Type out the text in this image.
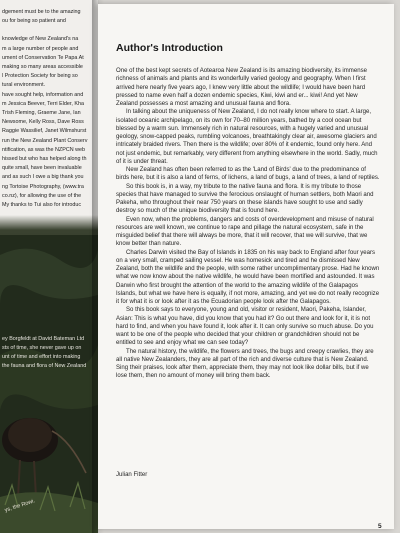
dgement must be to the amazing
ou for being so patient and
knowledge of New Zealand's na
m a large number of people and
ument of Conservation Te Papa At
making so many areas accessible
l Protection Society for being so
tural environment.
have sought help, information and
m Jessica Beever, Terri Elder, Kha
Trish Fleming, Graeme Jane, Ian
Newsome, Kelly Ross, Dave Ross
Raggie Wassilief, Janet Wilmshurst
run the New Zealand Plant Conserv
ntification, as was the NZPCN web
hissed but who has helped along th
quite small, have been invaluable
and as such I owe a big thank you
ng Tortoise Photography, (www.tra
co.nz), for allowing the use of the
My thanks to Tui also for introduc
ey Borgfeldt at David Bateman Ltd
sts of time, she never gave up on
unt of time and effort into making
the fauna and flora of New Zealand
ys, the Rowi.
Author's Introduction

One of the best kept secrets of Aotearoa New Zealand is its amazing biodiversity, its immense richness of animals and plants and its wonderfully varied geology and geography. When I first arrived here nearly five years ago, I knew very little about the wildlife; I would have been hard pressed to name even half a dozen endemic species, Kiwi, kiwi and er... kiwi! And yet New Zealand possesses a most amazing and unusual fauna and flora.

In talking about the uniqueness of New Zealand, I do not really know where to start. A large, isolated oceanic archipelago, on its own for 70–80 million years, bathed by a cool ocean but blessed by a warm sun. Immensely rich in natural resources, with a hugely varied and unusual geology, snow-capped peaks, rumbling volcanoes, breathtakingly clear air, awesome glaciers and intricately braided rivers. Then there is the wildlife; over 80% of it endemic, found only here. And not just endemic, but remarkably, very different from anything elsewhere in the world. Sadly, much of it is under threat.

New Zealand has often been referred to as the 'Land of Birds' due to the predominance of birds here, but it is also a land of ferns, of lichens, a land of bugs, a land of trees, a land of reptiles.

So this book is, in a way, my tribute to the native fauna and flora. It is my tribute to those species that have managed to survive the ferocious onslaught of human settlers, both Maori and Pakeha, who throughout their near 750 years on these islands have sought to use and sadly destroy so much of the unique biodiversity that is found here.

Even now, when the problems, dangers and costs of overdevelopment and misuse of natural resources are well known, we continue to rape and pillage the natural ecosystem, safe in the misguided belief that there will always be more, that it will recover, that we will survive, that we know better than nature.

Charles Darwin visited the Bay of Islands in 1835 on his way back to England after four years on a very small, cramped sailing vessel. He was homesick and tired and he dismissed New Zealand, both the wildlife and the people, with some rather uncomplimentary prose. Had he known what we now know about the native wildlife, he would have been mortified and astounded. It was Darwin who first brought the attention of the world to the amazing wildlife of the Galapagos Islands, but what we have here is equally, if not more, amazing, and yet we do not really recognize it for what it is or look after it as the Ecuadorian people look after the Galapagos.

So this book says to everyone, young and old, visitor or resident, Maori, Pakeha, Islander, Asian: This is what you have, did you know that you had it? Go out there and look for it, it is not hard to find, and when you have found it, look after it. It can only survive so much abuse. Do you want to be one of the people who decided that your children or grandchildren should not be entitled to see and enjoy what we can see today?

The natural history, the wildlife, the flowers and trees, the bugs and creepy crawlies, they are all native New Zealanders, they are all part of the rich and diverse culture that is New Zealand. Sing their praises, look after them, appreciate them, they may not look like dollar bills, but if we lose them, then no amount of money will bring them back.

Julian Fitter
5
